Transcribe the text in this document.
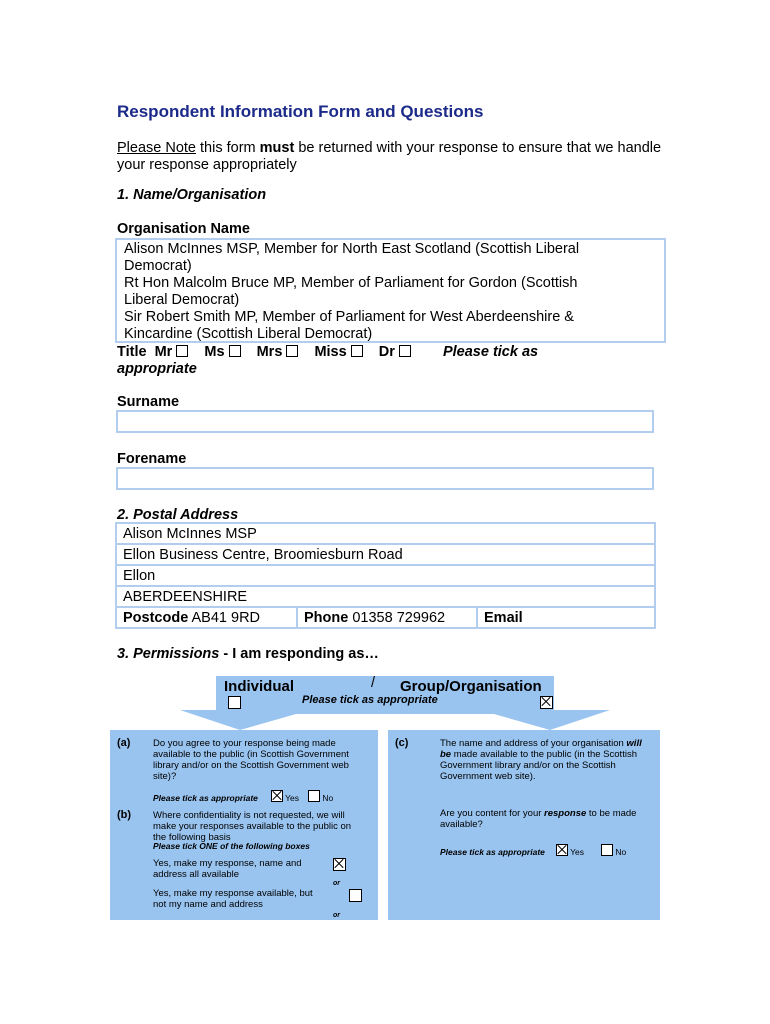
Respondent Information Form and Questions
Please Note this form must be returned with your response to ensure that we handle your response appropriately
1. Name/Organisation
Organisation Name
Alison McInnes MSP, Member for North East Scotland (Scottish Liberal
Democrat)
Rt Hon Malcolm Bruce MP, Member of Parliament for Gordon (Scottish
Liberal Democrat)
Sir Robert Smith MP, Member of Parliament for West Aberdeenshire &
Kincardine (Scottish Liberal Democrat)
Title Mr Ms Mrs Miss Dr	Please tick as
appropriate
Surname
Forename
2. Postal Address
Alison McInnes MSP
Ellon Business Centre, Broomiesburn Road
Ellon
ABERDEENSHIRE
Postcode AB41 9RD	Phone 01358 729962	Email
3. Permissions - I am responding as…
Individual	/ Group/Organisation

Please tick as appropriate
(a) Do you agree to your response being made available to the public (in Scottish Government library and/or on the Scottish Government web site)?
Please tick as appropriate	Yes	No
(b) Where confidentiality is not requested, we will make your responses available to the public on the following basis
Please tick ONE of the following boxes
Yes, make my response, name and address all available

or
Yes, make my response available, but not my name and address
or
(c)	The name and address of your organisation will be made available to the public (in the Scottish Government library and/or on the Scottish Government web site).
Are you content for your response to be made available?
Please tick as appropriate	Yes	No
